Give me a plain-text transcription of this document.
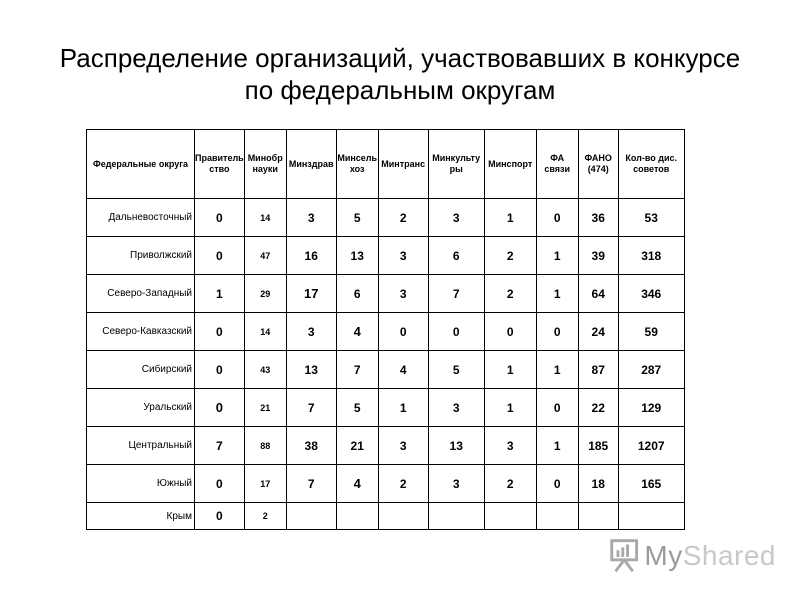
Распределение организаций, участвовавших в конкурсе
по федеральным округам
Федеральные округа	Правитель ство	Минобр науки	Минздрав	Минсель хоз	Минтранс	Минкульту ры	Минспорт	ФА связи	ФАНО (474)	Кол-во дис. советов
Дальневосточный	0	14	3	5	2	3	1	0	36	53
Приволжский	0	47	16	13	3	6	2	1	39	318
Северо-Западный	1	29	17	6	3	7	2	1	64	346
Северо-Кавказский	0	14	3	4	0	0	0	0	24	59
Сибирский	0	43	13	7	4	5	1	1	87	287
Уральский	0	21	7	5	1	3	1	0	22	129
Центральный	7	88	38	21	3	13	3	1	185	1207
Южный	0	17	7	4	2	3	2	0	18	165
Крым	0	2								
MyShared
